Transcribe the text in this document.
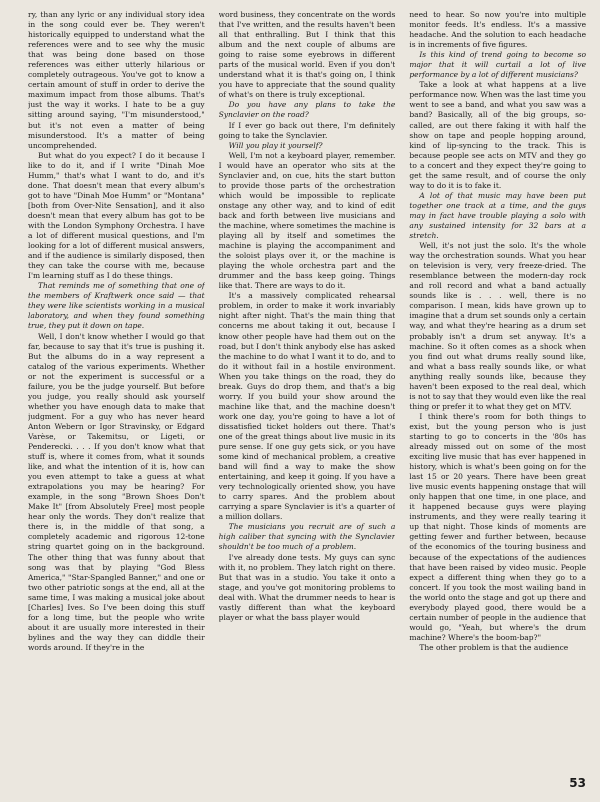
ry, than any lyric or any individual story idea in the song could ever be. They weren't historically equipped to understand what the references were and to see why the music that was being done based on those references was either utterly hilarious or completely outrageous. You've got to know a certain amount of stuff in order to derive the maximum impact from those albums. That's just the way it works. I hate to be a guy sitting around saying, "I'm misunderstood," but it's not even a matter of being misunderstood. It's a matter of being uncomprehended.

But what do you expect? I do it because I like to do it, and if I write "Dinah Moe Humm," that's what I want to do, and it's done. That doesn't mean that every album's got to have "Dinah Moe Humm" or "Montana" [both from Over-Nite Sensation], and it also doesn't mean that every album has got to be with the London Symphony Orchestra. I have a lot of different musical questions, and I'm looking for a lot of different musical answers, and if the audience is similarly disposed, then they can take the course with me, because I'm learning stuff as I do these things.

That reminds me of something that one of the members of Kraftwerk once said — that they were like scientists working in a musical laboratory, and when they found something true, they put it down on tape.

Well, I don't know whether I would go that far, because to say that it's true is pushing it. But the albums do in a way represent a catalog of the various experiments. Whether or not the experiment is successful or a failure, you be the judge yourself. But before you judge, you really should ask yourself whether you have enough data to make that judgment. For a guy who has never heard Anton Webern or Igor Stravinsky, or Edgard Varèse, or Takemitsu, or Ligeti, or Penderecki. . . . If you don't know what that stuff is, where it comes from, what it sounds like, and what the intention of it is, how can you even attempt to take a guess at what extrapolations you may be hearing? For example, in the song "Brown Shoes Don't Make It" [from Absolutely Free] most people hear only the words. They don't realize that there is, in the middle of that song, a completely academic and rigorous 12-tone string quartet going on in the background. The other thing that was funny about that song was that by playing "God Bless America," "Star-Spangled Banner," and one or two other patriotic songs at the end, all at the same time, I was making a musical joke about [Charles] Ives. So I've been doing this stuff for a long time, but the people who write about it are usually more interested in their bylines and the way they can diddle their words around. If they're in the

word business, they concentrate on the words that I've written, and the results haven't been all that enthralling. But I think that this album and the next couple of albums are going to raise some eyebrows in different parts of the musical world. Even if you don't understand what it is that's going on, I think you have to appreciate that the sound quality of what's on there is truly exceptional.

Do you have any plans to take the Synclavier on the road?

If I ever go back out there, I'm definitely going to take the Synclavier.

Will you play it yourself?

Well, I'm not a keyboard player, remember. I would have an operator who sits at the Synclavier and, on cue, hits the start button to provide those parts of the orchestration which would be impossible to replicate onstage any other way, and to kind of edit back and forth between live musicians and the machine, where sometimes the machine is playing all by itself and sometimes the machine is playing the accompaniment and the soloist plays over it, or the machine is playing the whole orchestra part and the drummer and the bass keep going. Things like that. There are ways to do it.

It's a massively complicated rehearsal problem, in order to make it work invariably night after night. That's the main thing that concerns me about taking it out, because I know other people have had them out on the road, but I don't think anybody else has asked the machine to do what I want it to do, and to do it without fail in a hostile environment. When you take things on the road, they do break. Guys do drop them, and that's a big worry. If you build your show around the machine like that, and the machine doesn't work one day, you're going to have a lot of dissatisfied ticket holders out there. That's one of the great things about live music in its pure sense. If one guy gets sick, or you have some kind of mechanical problem, a creative band will find a way to make the show entertaining, and keep it going. If you have a very technologically oriented show, you have to carry spares. And the problem about carrying a spare Synclavier is it's a quarter of a million dollars.

The musicians you recruit are of such a high caliber that syncing with the Synclavier shouldn't be too much of a problem.

I've already done tests. My guys can sync with it, no problem. They latch right on there. But that was in a studio. You take it onto a stage, and you've got monitoring problems to deal with. What the drummer needs to hear is vastly different than what the keyboard player or what the bass player would

need to hear. So now you're into multiple monitor feeds. It's endless. It's a massive headache. And the solution to each headache is in increments of five figures.

Is this kind of trend going to become so major that it will curtail a lot of live performance by a lot of different musicians?

Take a look at what happens at a live performance now. When was the last time you went to see a band, and what you saw was a band? Basically, all of the big groups, so-called, are out there faking it with half the show on tape and people hopping around, kind of lip-syncing to the track. This is because people see acts on MTV and they go to a concert and they expect they're going to get the same result, and of course the only way to do it is to fake it.

A lot of that music may have been put together one track at a time, and the guys may in fact have trouble playing a solo with any sustained intensity for 32 bars at a stretch.

Well, it's not just the solo. It's the whole way the orchestration sounds. What you hear on television is very, very freeze-dried. The resemblance between the modern-day rock and roll record and what a band actually sounds like is . . . well, there is no comparison. I mean, kids have grown up to imagine that a drum set sounds only a certain way, and what they're hearing as a drum set probably isn't a drum set anyway. It's a machine. So it often comes as a shock when you find out what drums really sound like, and what a bass really sounds like, or what anything really sounds like, because they haven't been exposed to the real deal, which is not to say that they would even like the real thing or prefer it to what they get on MTV.

I think there's room for both things to exist, but the young person who is just starting to go to concerts in the '80s has already missed out on some of the most exciting live music that has ever happened in history, which is what's been going on for the last 15 or 20 years. There have been great live music events happening onstage that will only happen that one time, in one place, and it happened because guys were playing instruments, and they were really tearing it up that night. Those kinds of moments are getting fewer and further between, because of the economics of the touring business and because of the expectations of the audiences that have been raised by video music. People expect a different thing when they go to a concert. If you took the most wailing band in the world onto the stage and got up there and everybody played good, there would be a certain number of people in the audience that would go, "Yeah, but where's the drum machine? Where's the boom-bap?"

The other problem is that the audience

53
